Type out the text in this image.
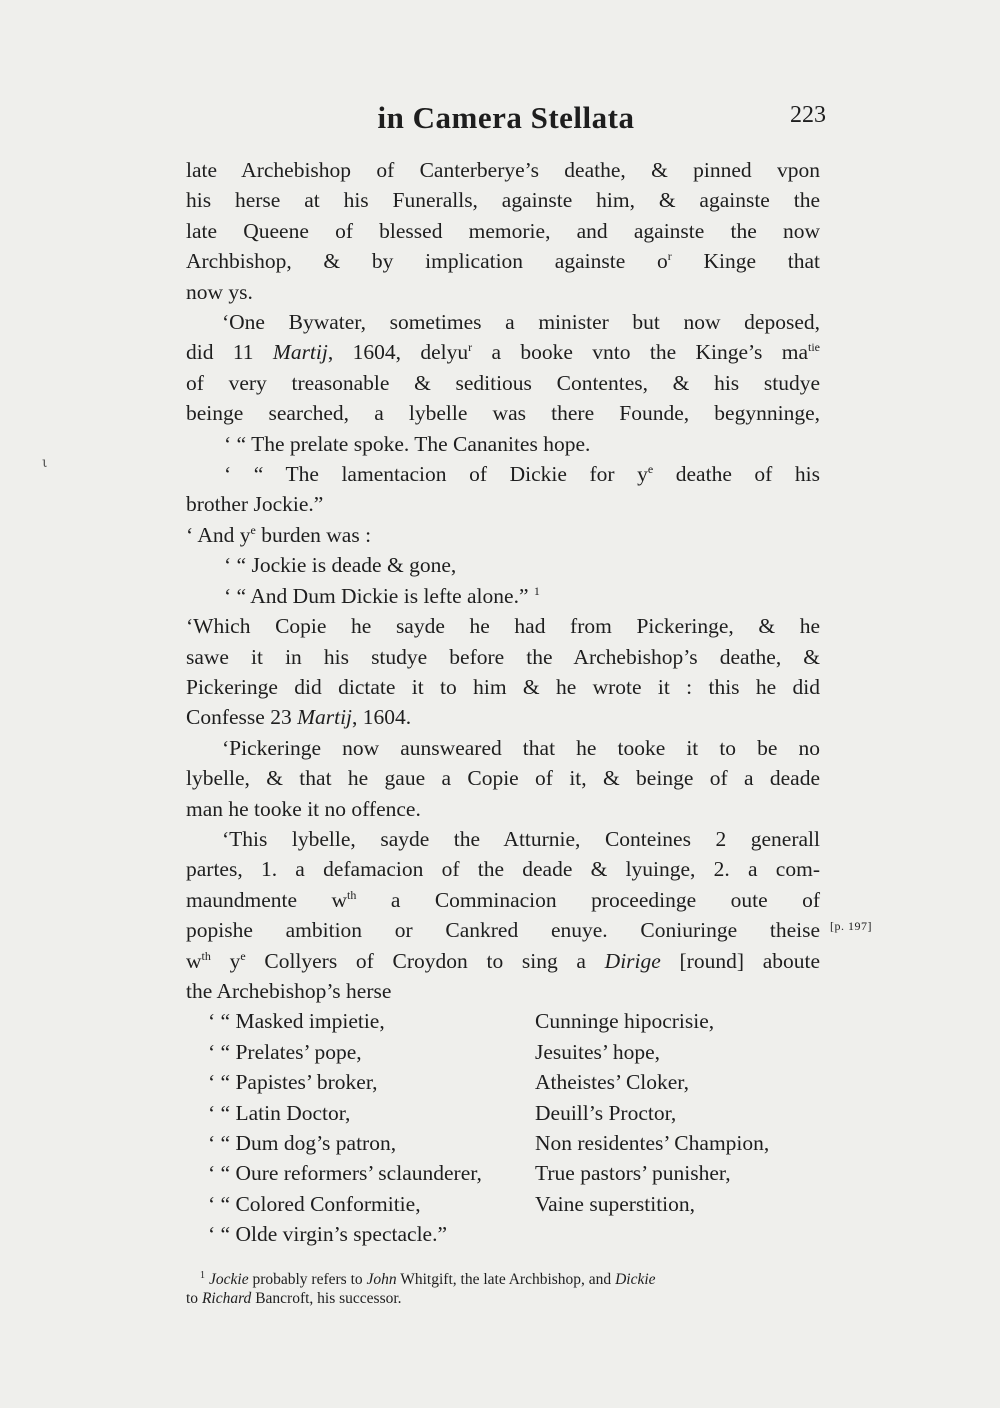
ι
in Camera Stellata	223
late Archebishop of Canterberye’s deathe, & pinned vpon
his herse at his Funeralls, againste him, & againste the
late Queene of blessed memorie, and againste the now
Archbishop, & by implication againste $o^r$ Kinge that
now ys.
‘One Bywater, sometimes a minister but now deposed,
did 11 Martij, 1604, delyu$^r$ a booke vnto the Kinge’s $ma^{tie}$
of very treasonable & seditious Contentes, & his studye
beinge searched, a lybelle was there Founde, begynninge,
‘ “ The prelate spoke. The Cananites hope.
‘ “ The lamentacion of Dickie for $y^e$ deathe of his
brother Jockie.”
‘ And $y^e$ burden was :
‘ “ Jockie is deade & gone,
‘ “ And Dum Dickie is lefte alone.” $^1$
‘Which Copie he sayde he had from Pickeringe, & he
sawe it in his studye before the Archebishop’s deathe, &
Pickeringe did dictate it to him & he wrote it : this he did
Confesse 23 Martij, 1604.
‘Pickeringe now aunsweared that he tooke it to be no
lybelle, & that he gaue a Copie of it, & beinge of a deade
man he tooke it no offence.
‘This lybelle, sayde the Atturnie, Conteines 2 generall
partes, 1. a defamacion of the deade & lyuinge, 2. a com-
maundmente $w^{th}$ a Comminacion proceedinge oute of
popishe ambition or Cankred enuye. Coniuringe theise
$w^{th}$ $y^e$ Collyers of Croydon to sing a Dirige [round] aboute
the Archebishop’s herse
‘ “ Masked impietie,	Cunninge hipocrisie,
‘ “ Prelates’ pope,	Jesuites’ hope,
‘ “ Papistes’ broker,	Atheistes’ Cloker,
‘ “ Latin Doctor,	Deuill’s Proctor,
‘ “ Dum dog’s patron,	Non residentes’ Champion,
‘ “ Oure reformers’ sclaunderer,	True pastors’ punisher,
‘ “ Colored Conformitie,	Vaine superstition,
‘ “ Olde virgin’s spectacle.”
[p. 197]
$^1$ Jockie probably refers to John Whitgift, the late Archbishop, and Dickie
to Richard Bancroft, his successor.
